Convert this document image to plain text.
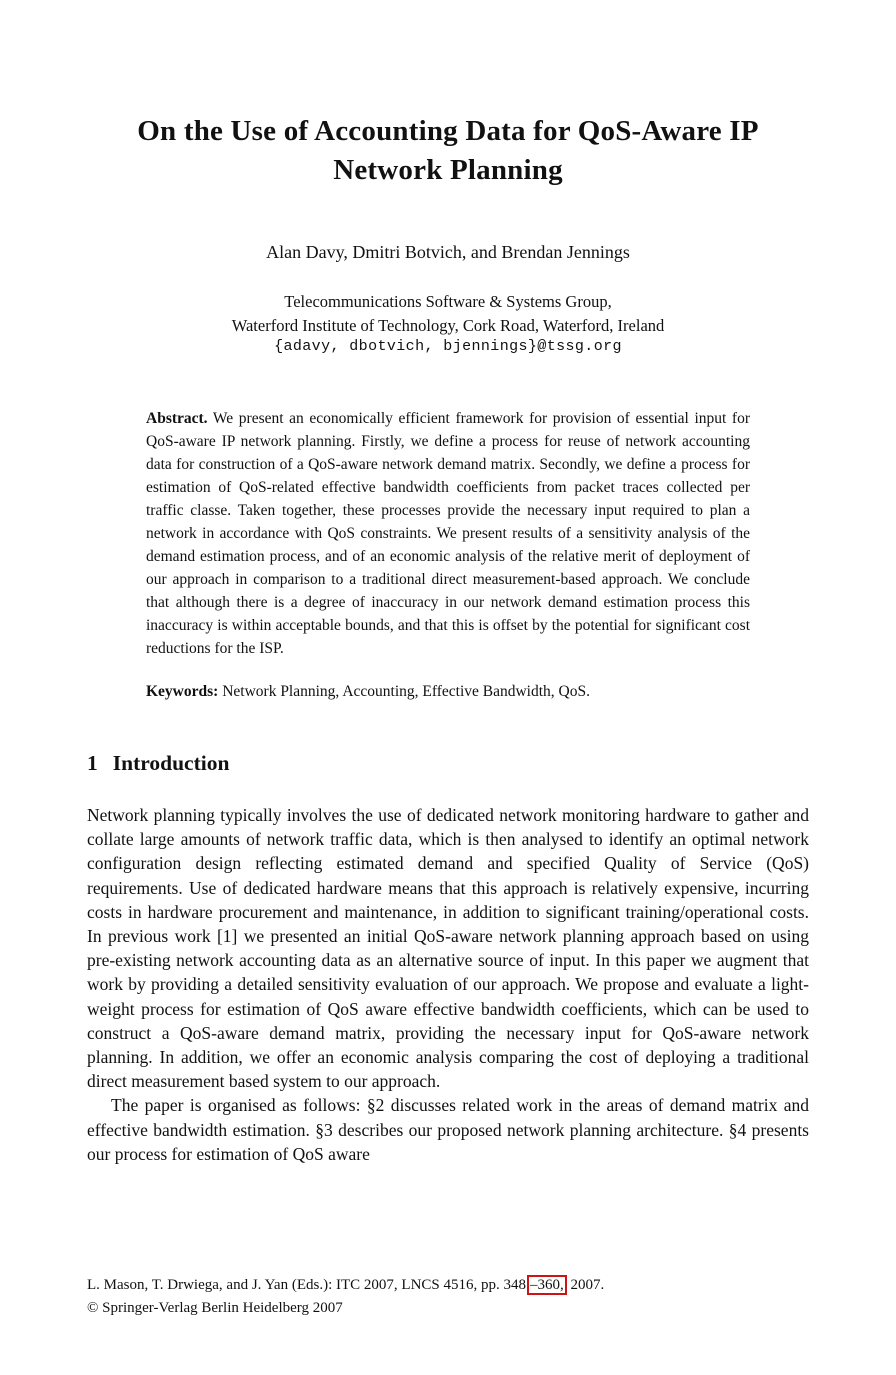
On the Use of Accounting Data for QoS-Aware IP
Network Planning
Alan Davy, Dmitri Botvich, and Brendan Jennings
Telecommunications Software & Systems Group,
Waterford Institute of Technology, Cork Road, Waterford, Ireland
{adavy, dbotvich, bjennings}@tssg.org
Abstract. We present an economically efficient framework for provision of essential input for QoS-aware IP network planning. Firstly, we define a process for reuse of network accounting data for construction of a QoS-aware network demand matrix. Secondly, we define a process for estimation of QoS-related effective bandwidth coefficients from packet traces collected per traffic classe. Taken together, these processes provide the necessary input required to plan a network in accordance with QoS constraints. We present results of a sensitivity analysis of the demand estimation process, and of an economic analysis of the relative merit of deployment of our approach in comparison to a traditional direct measurement-based approach. We conclude that although there is a degree of inaccuracy in our network demand estimation process this inaccuracy is within acceptable bounds, and that this is offset by the potential for significant cost reductions for the ISP.
Keywords: Network Planning, Accounting, Effective Bandwidth, QoS.
1 Introduction
Network planning typically involves the use of dedicated network monitoring hardware to gather and collate large amounts of network traffic data, which is then analysed to identify an optimal network configuration design reflecting estimated demand and specified Quality of Service (QoS) requirements. Use of dedicated hardware means that this approach is relatively expensive, incurring costs in hardware procurement and maintenance, in addition to significant training/operational costs. In previous work [1] we presented an initial QoS-aware network planning approach based on using pre-existing network accounting data as an alternative source of input. In this paper we augment that work by providing a detailed sensitivity evaluation of our approach. We propose and evaluate a light-weight process for estimation of QoS aware effective bandwidth coefficients, which can be used to construct a QoS-aware demand matrix, providing the necessary input for QoS-aware network planning. In addition, we offer an economic analysis comparing the cost of deploying a traditional direct measurement based system to our approach.
The paper is organised as follows: §2 discusses related work in the areas of demand matrix and effective bandwidth estimation. §3 describes our proposed network planning architecture. §4 presents our process for estimation of QoS aware
L. Mason, T. Drwiega, and J. Yan (Eds.): ITC 2007, LNCS 4516, pp. 348 –360, 2007.
© Springer-Verlag Berlin Heidelberg 2007
